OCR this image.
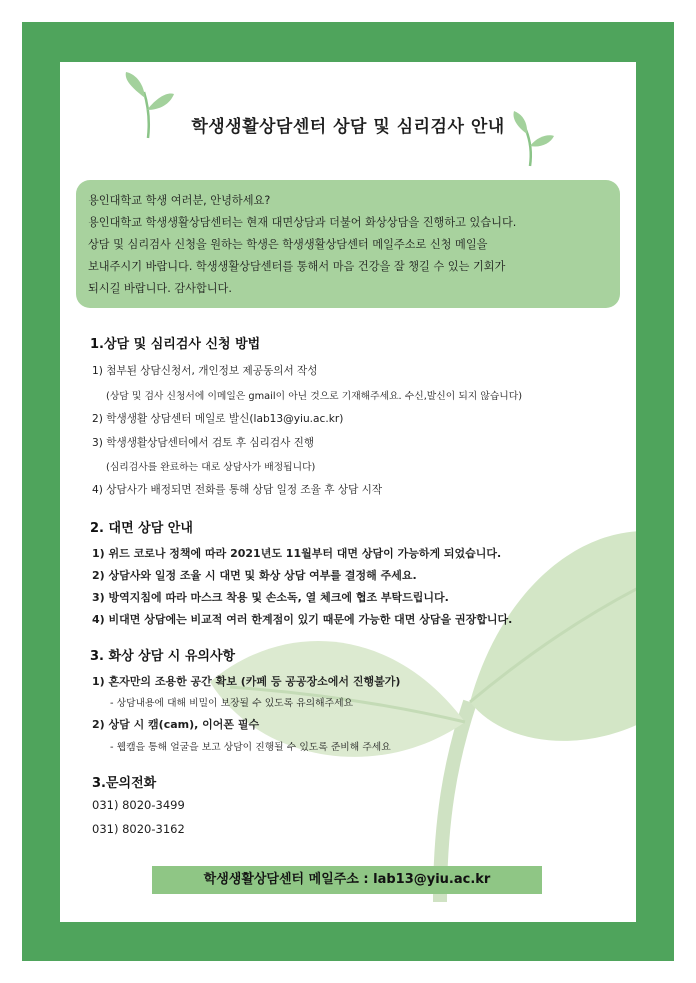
학생생활상담센터 상담 및 심리검사 안내
용인대학교 학생 여러분, 안녕하세요?
용인대학교 학생생활상담센터는 현재 대면상담과 더불어 화상상담을 진행하고 있습니다.
상담 및 심리검사 신청을 원하는 학생은 학생생활상담센터 메일주소로 신청 메일을
보내주시기 바랍니다. 학생생활상담센터를 통해서 마음 건강을 잘 챙길 수 있는 기회가
되시길 바랍니다. 감사합니다.
1.상담 및 심리검사 신청 방법
1) 첨부된 상담신청서, 개인정보 제공동의서 작성
(상담 및 검사 신청서에 이메일은 gmail이 아닌 것으로 기재해주세요. 수신,발신이 되지 않습니다)
2) 학생생활 상담센터 메일로 발신(lab13@yiu.ac.kr)
3) 학생생활상담센터에서 검토 후 심리검사 진행
(심리검사를 완료하는 대로 상담사가 배정됩니다)
4) 상담사가 배정되면 전화를 통해 상담 일정 조율 후 상담 시작
2. 대면 상담 안내
1) 위드 코로나 정책에 따라 2021년도 11월부터 대면 상담이 가능하게 되었습니다.
2) 상담사와 일정 조율 시 대면 및 화상 상담 여부를 결정해 주세요.
3) 방역지침에 따라 마스크 착용 및 손소독, 열 체크에 협조 부탁드립니다.
4) 비대면 상담에는 비교적 여러 한계점이 있기 때문에 가능한 대면 상담을 권장합니다.
3. 화상 상담 시 유의사항
1) 혼자만의 조용한 공간 확보 (카페 등 공공장소에서 진행불가)
- 상담내용에 대해 비밀이 보장될 수 있도록 유의해주세요
2) 상담 시 캠(cam), 이어폰 필수
- 웹캠을 통해 얼굴을 보고 상담이 진행될 수 있도록 준비해 주세요
3.문의전화
031) 8020-3499
031) 8020-3162
학생생활상담센터 메일주소 : lab13@yiu.ac.kr
